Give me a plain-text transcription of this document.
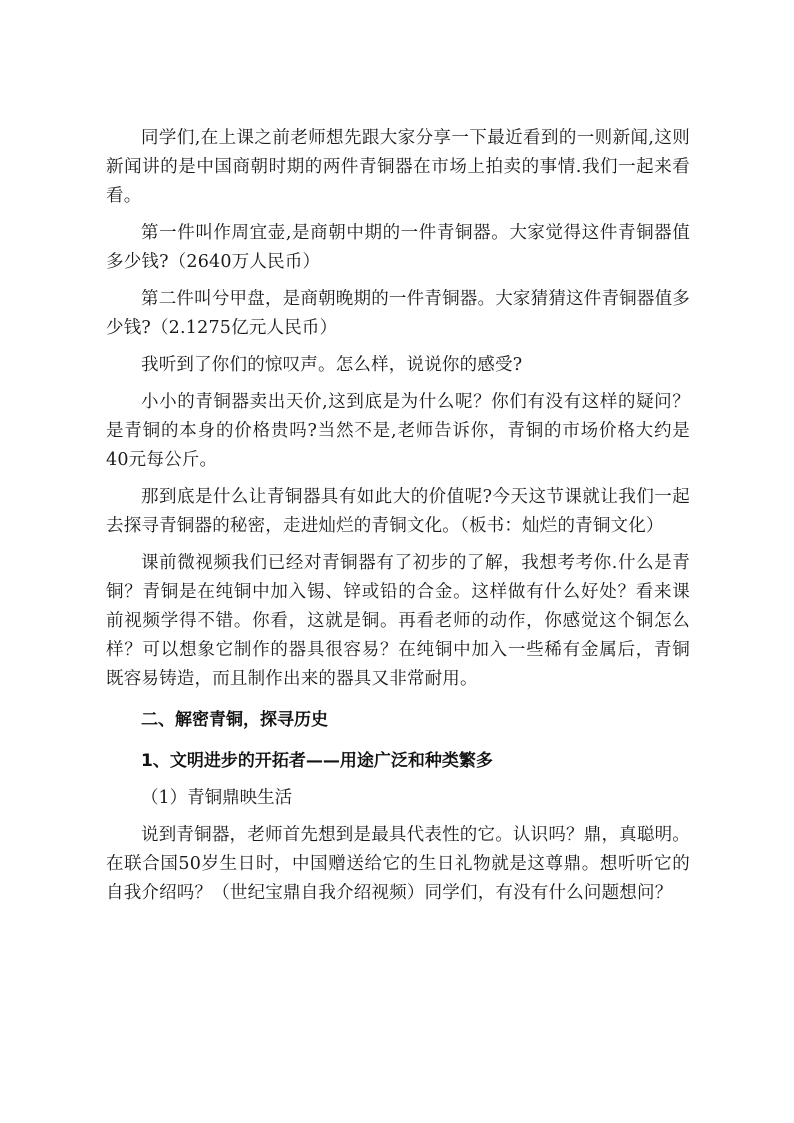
同学们,在上课之前老师想先跟大家分享一下最近看到的一则新闻,这则新闻讲的是中国商朝时期的两件青铜器在市场上拍卖的事情.我们一起来看看。

第一件叫作周宜壶,是商朝中期的一件青铜器。大家觉得这件青铜器值多少钱?（2640万人民币）

第二件叫兮甲盘，是商朝晚期的一件青铜器。大家猜猜这件青铜器值多少钱?（2.1275亿元人民币）

我听到了你们的惊叹声。怎么样，说说你的感受?

小小的青铜器卖出天价,这到底是为什么呢？你们有没有这样的疑问？是青铜的本身的价格贵吗?当然不是,老师告诉你，青铜的市场价格大约是40元每公斤。

那到底是什么让青铜器具有如此大的价值呢?今天这节课就让我们一起去探寻青铜器的秘密，走进灿烂的青铜文化。（板书：灿烂的青铜文化）

课前微视频我们已经对青铜器有了初步的了解，我想考考你.什么是青铜？青铜是在纯铜中加入锡、锌或铅的合金。这样做有什么好处？看来课前视频学得不错。你看，这就是铜。再看老师的动作，你感觉这个铜怎么样？可以想象它制作的器具很容易？在纯铜中加入一些稀有金属后，青铜既容易铸造，而且制作出来的器具又非常耐用。

二、解密青铜，探寻历史

1、文明进步的开拓者——用途广泛和种类繁多

（1）青铜鼎映生活

说到青铜器，老师首先想到是最具代表性的它。认识吗？鼎，真聪明。在联合国50岁生日时，中国赠送给它的生日礼物就是这尊鼎。想听听它的自我介绍吗？（世纪宝鼎自我介绍视频）同学们，有没有什么问题想问？
